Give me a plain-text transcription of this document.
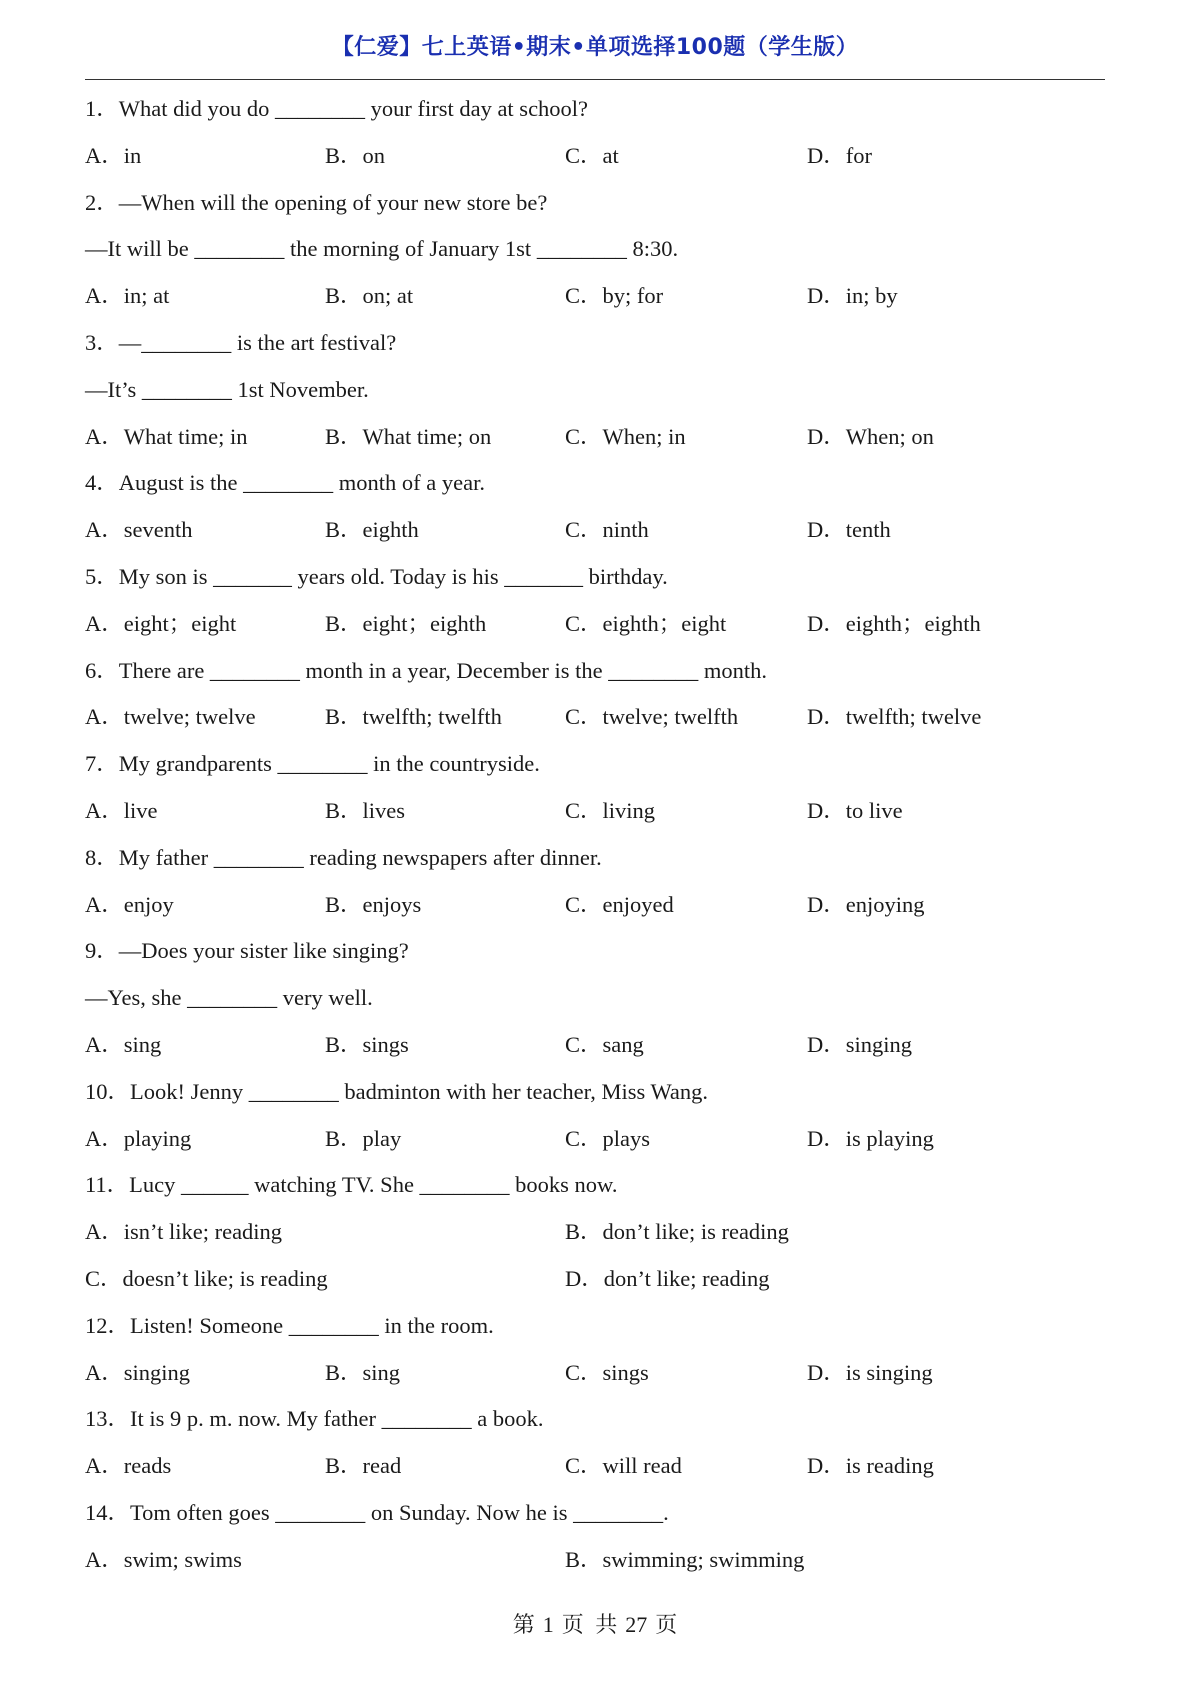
【仁爱】七上英语•期末•单项选择100题（学生版）
1．What did you do ________ your first day at school?
A．in	B．on	C．at	D．for
2．—When will the opening of your new store be?
—It will be ________ the morning of January 1st ________ 8:30.
A．in; at	B．on; at	C．by; for	D．in; by
3．—________ is the art festival?
—It’s ________ 1st November.
A．What time; in	B．What time; on	C．When; in	D．When; on
4．August is the ________ month of a year.
A．seventh	B．eighth	C．ninth	D．tenth
5．My son is _______ years old. Today is his _______ birthday.
A．eight；eight	B．eight；eighth	C．eighth；eight	D．eighth；eighth
6．There are ________ month in a year, December is the ________ month.
A．twelve; twelve	B．twelfth; twelfth	C．twelve; twelfth	D．twelfth; twelve
7．My grandparents ________ in the countryside.
A．live	B．lives	C．living	D．to live
8．My father ________ reading newspapers after dinner.
A．enjoy	B．enjoys	C．enjoyed	D．enjoying
9．—Does your sister like singing?
—Yes, she ________ very well.
A．sing	B．sings	C．sang	D．singing
10．Look! Jenny ________ badminton with her teacher, Miss Wang.
A．playing	B．play	C．plays	D．is playing
11．Lucy ______ watching TV. She ________ books now.
A．isn’t like; reading	B．don’t like; is reading
C．doesn’t like; is reading	D．don’t like; reading
12．Listen! Someone ________ in the room.
A．singing	B．sing	C．sings	D．is singing
13．It is 9 p. m. now. My father ________ a book.
A．reads	B．read	C．will read	D．is reading
14．Tom often goes ________ on Sunday. Now he is ________.
A．swim; swims	B．swimming; swimming
第 1 页 共 27 页
